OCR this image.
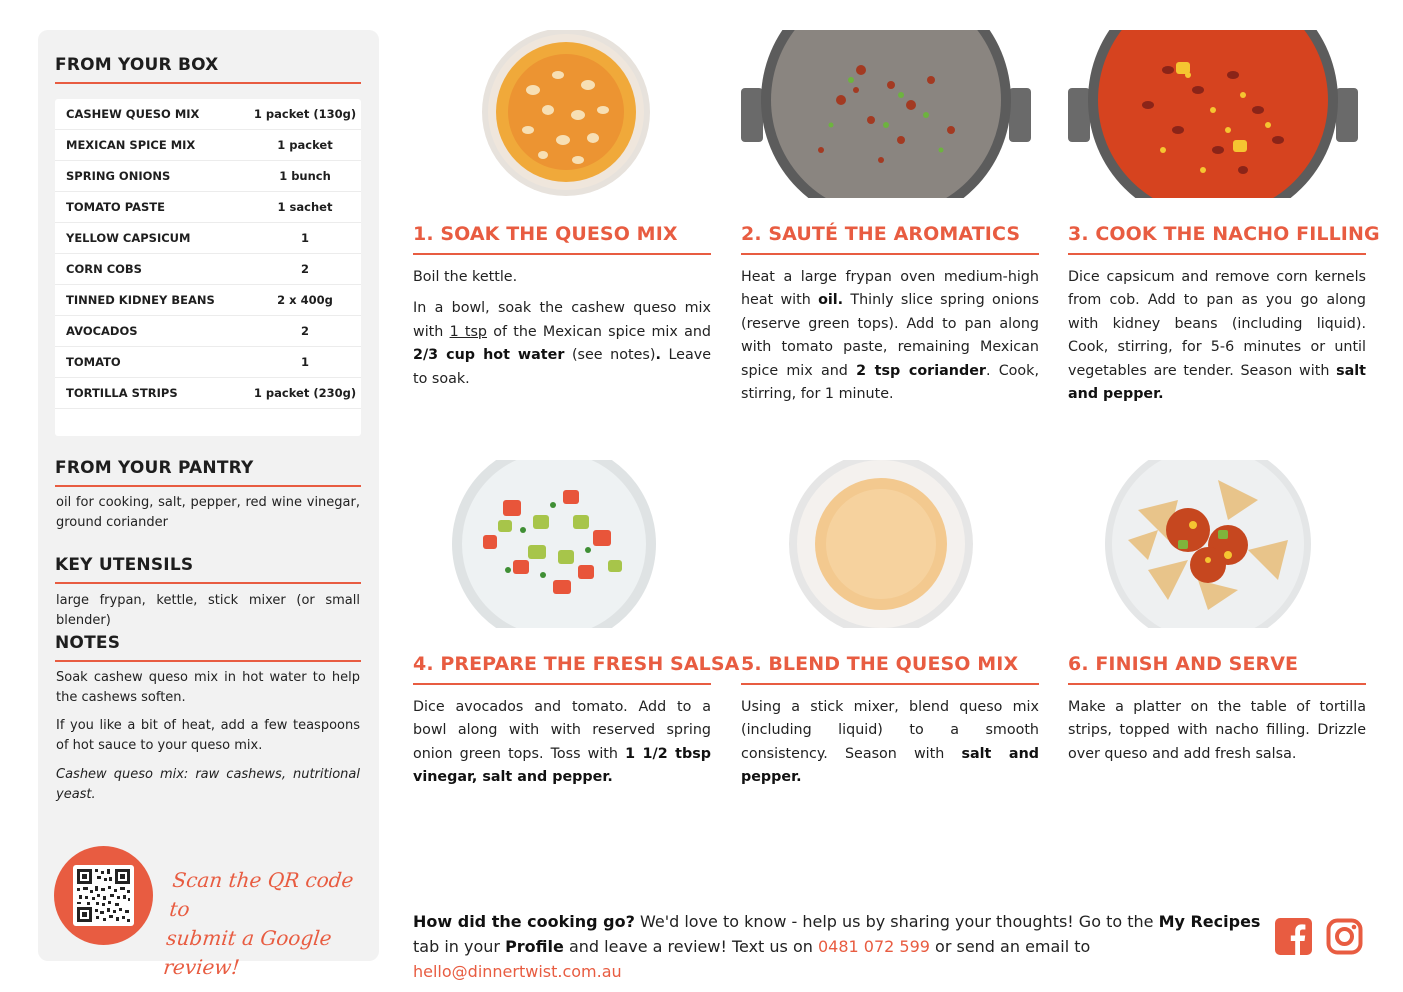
FROM YOUR BOX
CASHEW QUESO MIX	1 packet (130g)
MEXICAN SPICE MIX	1 packet
SPRING ONIONS	1 bunch
TOMATO PASTE	1 sachet
YELLOW CAPSICUM	1
CORN COBS	2
TINNED KIDNEY BEANS	2 x 400g
AVOCADOS	2
TOMATO	1
TORTILLA STRIPS	1 packet (230g)
FROM YOUR PANTRY
oil for cooking, salt, pepper, red wine vinegar, ground coriander
KEY UTENSILS
large frypan, kettle, stick mixer (or small blender)
NOTES
Soak cashew queso mix in hot water to help the cashews soften.
If you like a bit of heat, add a few teaspoons of hot sauce to your queso mix.
Cashew queso mix: raw cashews, nutritional yeast.
Scan the QR code to
submit a Google review!
1. SOAK THE QUESO MIX

Boil the kettle.

In a bowl, soak the cashew queso mix with 1 tsp of the Mexican spice mix and 2/3 cup hot water (see notes). Leave to soak.

2. SAUTÉ THE AROMATICS

Heat a large frypan oven medium-high heat with oil. Thinly slice spring onions (reserve green tops). Add to pan along with tomato paste, remaining Mexican spice mix and 2 tsp coriander. Cook, stirring, for 1 minute.

3. COOK THE NACHO FILLING

Dice capsicum and remove corn kernels from cob. Add to pan as you go along with kidney beans (including liquid). Cook, stirring, for 5-6 minutes or until vegetables are tender. Season with salt and pepper.

4. PREPARE THE FRESH SALSA

Dice avocados and tomato. Add to a bowl along with with reserved spring onion green tops. Toss with 1 1/2 tbsp vinegar, salt and pepper.

5. BLEND THE QUESO MIX

Using a stick mixer, blend queso mix (including liquid) to a smooth consistency. Season with salt and pepper.

6. FINISH AND SERVE

Make a platter on the table of tortilla strips, topped with nacho filling. Drizzle over queso and add fresh salsa.

How did the cooking go? We'd love to know - help us by sharing your thoughts! Go to the My Recipes tab in your Profile and leave a review! Text us on 0481 072 599 or send an email to hello@dinnertwist.com.au
